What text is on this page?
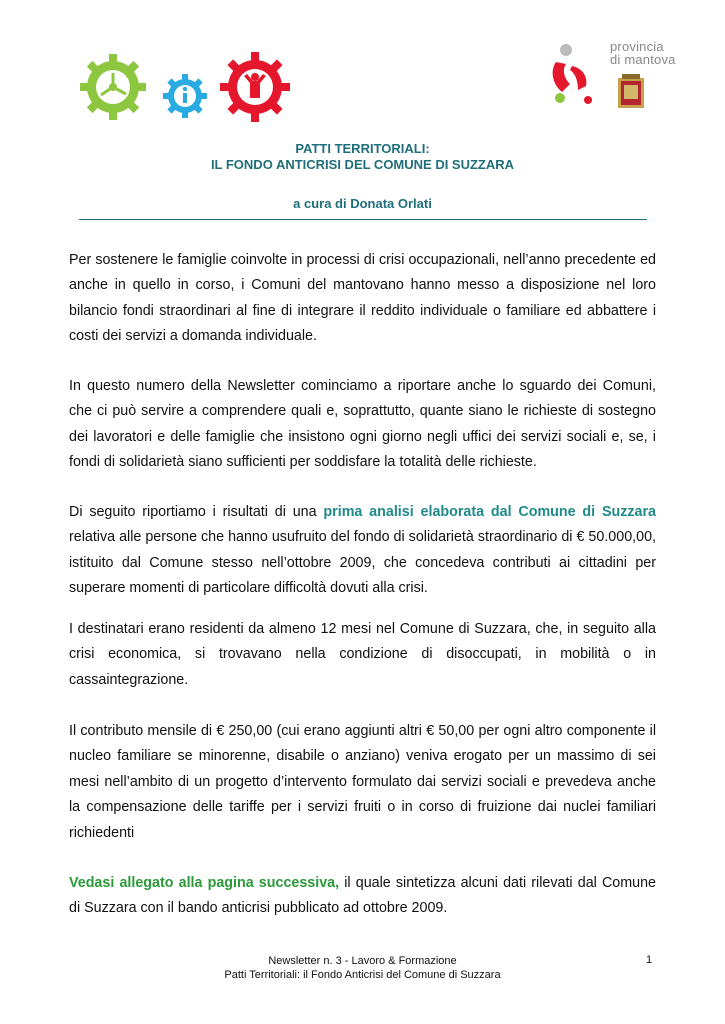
provincia
di mantova
PATTI TERRITORIALI:
IL FONDO ANTICRISI DEL COMUNE DI SUZZARA
a cura di Donata Orlati
Per sostenere le famiglie coinvolte in processi di crisi occupazionali, nell’anno precedente ed anche in quello in corso, i Comuni del mantovano hanno messo a disposizione nel loro bilancio fondi straordinari al fine di integrare il reddito individuale o familiare ed abbattere i costi dei servizi a domanda individuale.
In questo numero della Newsletter cominciamo a riportare anche lo sguardo dei Comuni, che ci può servire a comprendere quali e, soprattutto, quante siano le richieste di sostegno dei lavoratori e delle famiglie che insistono ogni giorno negli uffici dei servizi sociali e, se, i fondi di solidarietà siano sufficienti per soddisfare la totalità delle richieste.
Di seguito riportiamo i risultati di una prima analisi elaborata dal Comune di Suzzara relativa alle persone che hanno usufruito del fondo di solidarietà straordinario di € 50.000,00, istituito dal Comune stesso nell’ottobre 2009, che concedeva contributi ai cittadini per superare momenti di particolare difficoltà dovuti alla crisi.
I destinatari erano residenti da almeno 12 mesi nel Comune di Suzzara, che, in seguito alla crisi economica, si trovavano nella condizione di disoccupati, in mobilità o in cassaintegrazione.
Il contributo mensile di € 250,00 (cui erano aggiunti altri € 50,00 per ogni altro componente il nucleo familiare se minorenne, disabile o anziano) veniva erogato per un massimo di sei mesi nell’ambito di un progetto d’intervento formulato dai servizi sociali e prevedeva anche la compensazione delle tariffe per i servizi fruiti o in corso di fruizione dai nuclei familiari richiedenti
Vedasi allegato alla pagina successiva, il quale sintetizza alcuni dati rilevati dal Comune di Suzzara con il bando anticrisi pubblicato ad ottobre 2009.
Newsletter n. 3 - Lavoro & Formazione
Patti Territoriali: il Fondo Anticrisi del Comune di Suzzara
1
